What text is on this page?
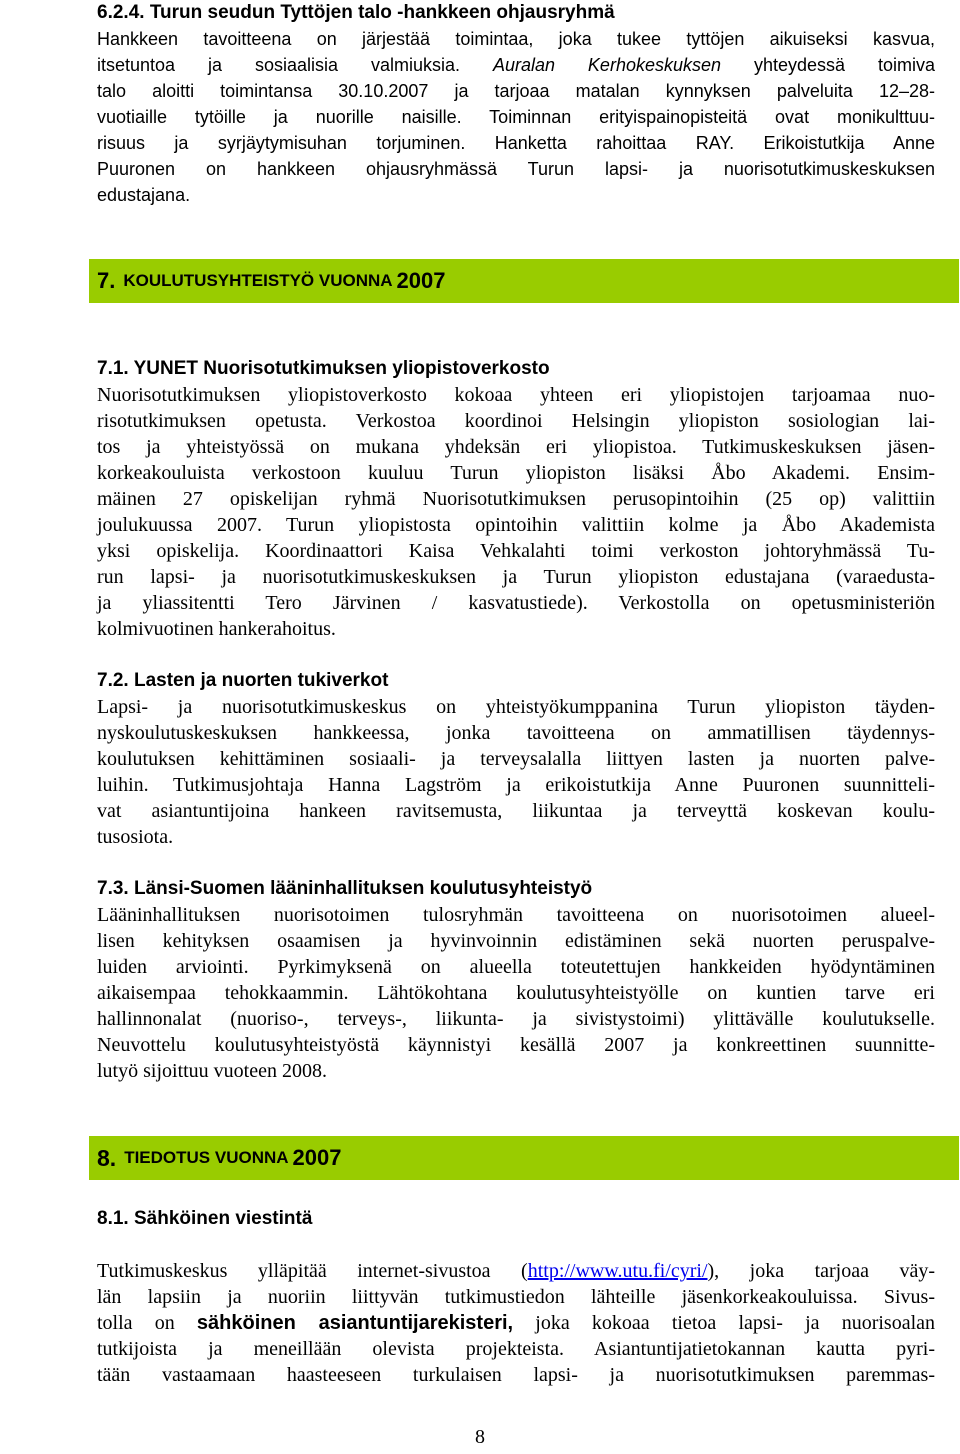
6.2.4. Turun seudun Tyttöjen talo -hankkeen ohjausryhmä

Hankkeen tavoitteena on järjestää toimintaa, joka tukee tyttöjen aikuiseksi kasvua,
itsetuntoa ja sosiaalisia valmiuksia. Auralan Kerhokeskuksen yhteydessä toimiva
talo aloitti toimintansa 30.10.2007 ja tarjoaa matalan kynnyksen palveluita 12–28-
vuotiaille tytöille ja nuorille naisille. Toiminnan erityispainopisteitä ovat monikulttuu-
risuus ja syrjäytymisuhan torjuminen. Hanketta rahoittaa RAY. Erikoistutkija Anne
Puuronen on hankkeen ohjausryhmässä Turun lapsi- ja nuorisotutkimuskeskuksen
edustajana.

7. KOULUTUSYHTEISTYÖ VUONNA
2007

7.1. YUNET Nuorisotutkimuksen yliopistoverkosto

Nuorisotutkimuksen yliopistoverkosto kokoaa yhteen eri yliopistojen tarjoamaa nuo-
risotutkimuksen opetusta. Verkostoa koordinoi Helsingin yliopiston sosiologian lai-
tos ja yhteistyössä on mukana yhdeksän eri yliopistoa. Tutkimuskeskuksen jäsen-
korkeakouluista verkostoon kuuluu Turun yliopiston lisäksi Åbo Akademi. Ensim-
mäinen 27 opiskelijan ryhmä Nuorisotutkimuksen perusopintoihin (25 op) valittiin
joulukuussa 2007. Turun yliopistosta opintoihin valittiin kolme ja Åbo Akademista
yksi opiskelija. Koordinaattori Kaisa Vehkalahti toimi verkoston johtoryhmässä Tu-
run lapsi- ja nuorisotutkimuskeskuksen ja Turun yliopiston edustajana (varaedusta-
ja yliassitentti Tero Järvinen / kasvatustiede). Verkostolla on opetusministeriön
kolmivuotinen hankerahoitus.

7.2. Lasten ja nuorten tukiverkot

Lapsi- ja nuorisotutkimuskeskus on yhteistyökumppanina Turun yliopiston täyden-
nyskoulutuskeskuksen hankkeessa, jonka tavoitteena on ammatillisen täydennys-
koulutuksen kehittäminen sosiaali- ja terveysalalla liittyen lasten ja nuorten palve-
luihin. Tutkimusjohtaja Hanna Lagström ja erikoistutkija Anne Puuronen suunnitteli-
vat asiantuntijoina hankeen ravitsemusta, liikuntaa ja terveyttä koskevan koulu-
tusosiota.

7.3. Länsi-Suomen lääninhallituksen koulutusyhteistyö

Lääninhallituksen nuorisotoimen tulosryhmän tavoitteena on nuorisotoimen alueel-
lisen kehityksen osaamisen ja hyvinvoinnin edistäminen sekä nuorten peruspalve-
luiden arviointi. Pyrkimyksenä on alueella toteutettujen hankkeiden hyödyntäminen
aikaisempaa tehokkaammin. Lähtökohtana koulutusyhteistyölle on kuntien tarve eri
hallinnonalat (nuoriso-, terveys-, liikunta- ja sivistystoimi) ylittävälle koulutukselle.
Neuvottelu koulutusyhteistyöstä käynnistyi kesällä 2007 ja konkreettinen suunnitte-
lutyö sijoittuu vuoteen 2008.

8. TIEDOTUS VUONNA
2007

8.1. Sähköinen viestintä

Tutkimuskeskus ylläpitää internet-sivustoa (http://www.utu.fi/cyri/), joka tarjoaa väy-
län lapsiin ja nuoriin liittyvän tutkimustiedon lähteille jäsenkorkeakouluissa. Sivus-
tolla on sähköinen asiantuntijarekisteri, joka kokoaa tietoa lapsi- ja nuorisoalan
tutkijoista ja meneillään olevista projekteista. Asiantuntijatietokannan kautta pyri-
tään vastaamaan haasteeseen turkulaisen lapsi- ja nuorisotutkimuksen paremmas-

8
